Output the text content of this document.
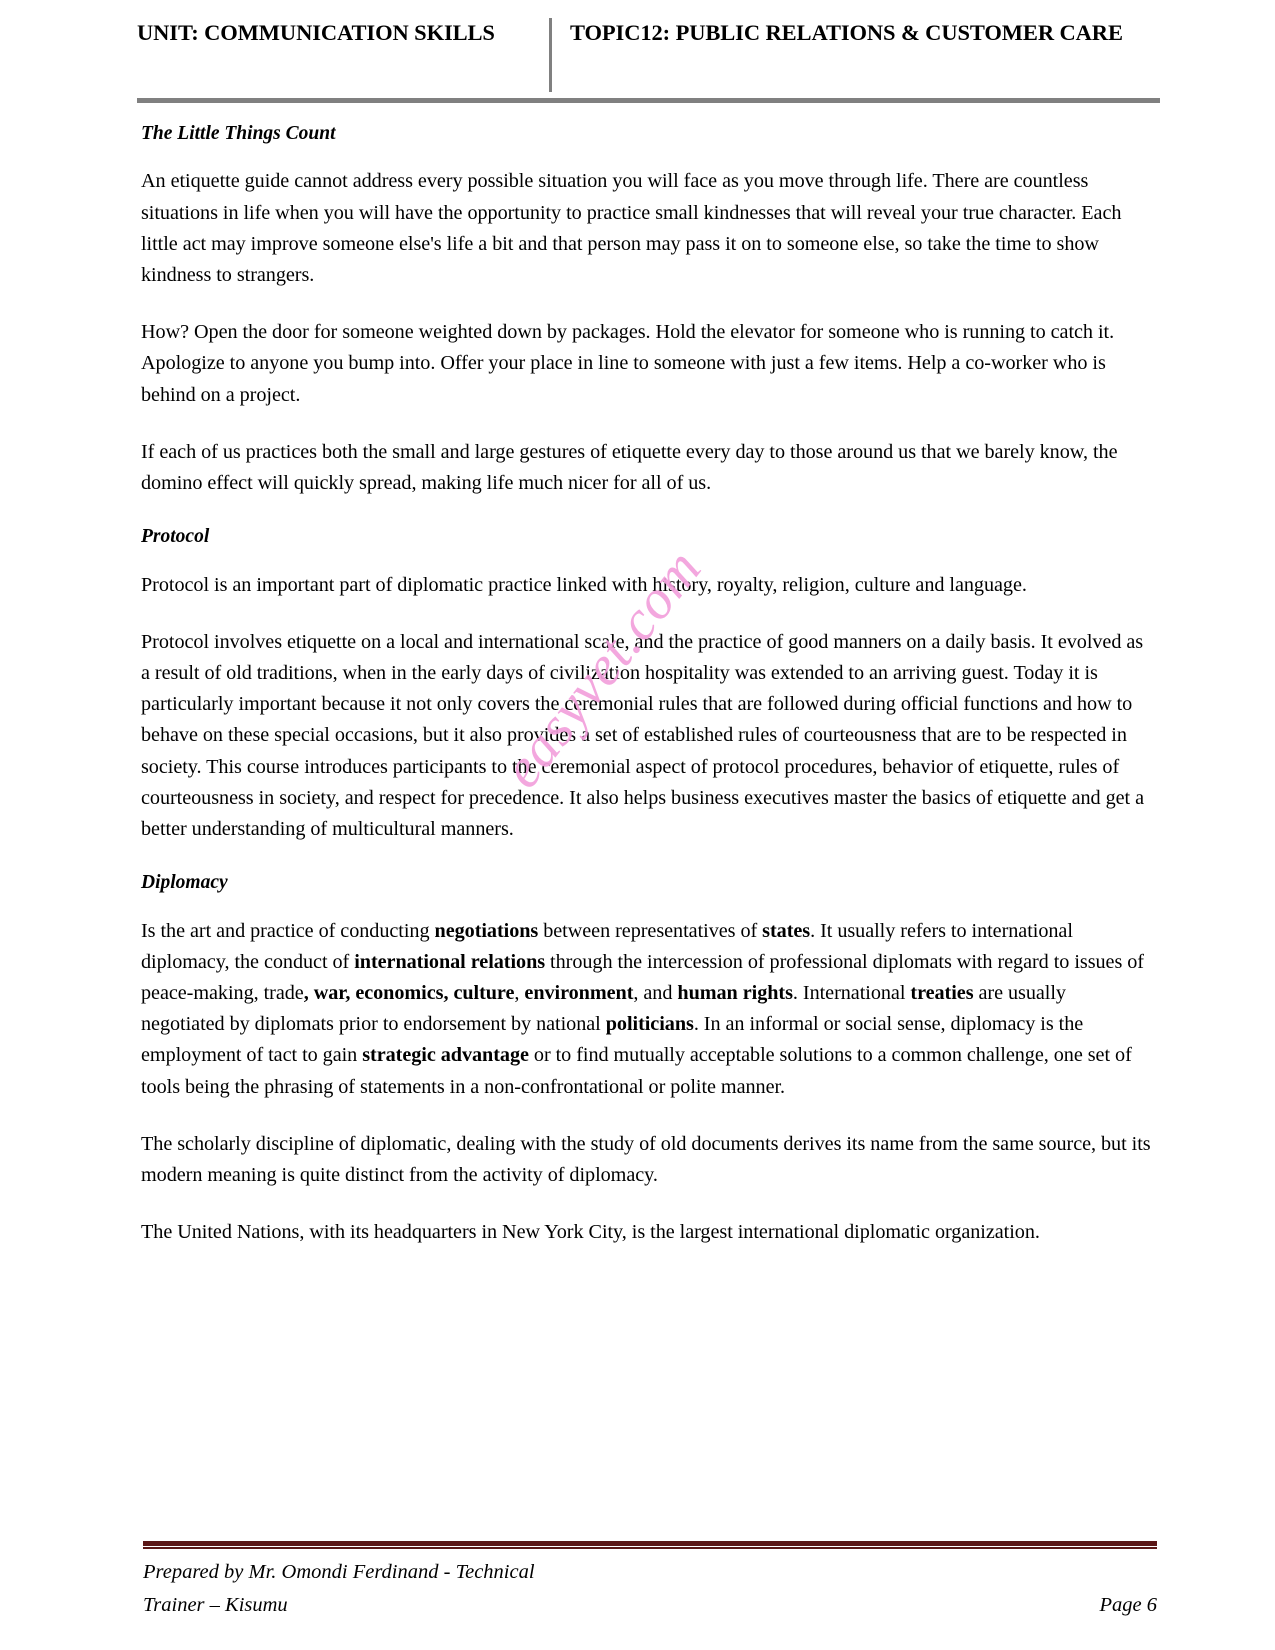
UNIT: COMMUNICATION SKILLS	TOPIC12: PUBLIC RELATIONS & CUSTOMER CARE
The Little Things Count

An etiquette guide cannot address every possible situation you will face as you move through life. There are countless situations in life when you will have the opportunity to practice small kindnesses that will reveal your true character. Each little act may improve someone else's life a bit and that person may pass it on to someone else, so take the time to show kindness to strangers.

How? Open the door for someone weighted down by packages. Hold the elevator for someone who is running to catch it. Apologize to anyone you bump into. Offer your place in line to someone with just a few items. Help a co-worker who is behind on a project.

If each of us practices both the small and large gestures of etiquette every day to those around us that we barely know, the domino effect will quickly spread, making life much nicer for all of us.

Protocol

Protocol is an important part of diplomatic practice linked with history, royalty, religion, culture and language.

Protocol involves etiquette on a local and international scale, and the practice of good manners on a daily basis. It evolved as a result of old traditions, when in the early days of civilization hospitality was extended to an arriving guest. Today it is particularly important because it not only covers the ceremonial rules that are followed during official functions and how to behave on these special occasions, but it also provides a set of established rules of courteousness that are to be respected in society. This course introduces participants to the ceremonial aspect of protocol procedures, behavior of etiquette, rules of courteousness in society, and respect for precedence. It also helps business executives master the basics of etiquette and get a better understanding of multicultural manners.

Diplomacy

Is the art and practice of conducting negotiations between representatives of states. It usually refers to international diplomacy, the conduct of international relations through the intercession of professional diplomats with regard to issues of peace-making, trade, war, economics, culture, environment, and human rights. International treaties are usually negotiated by diplomats prior to endorsement by national politicians. In an informal or social sense, diplomacy is the employment of tact to gain strategic advantage or to find mutually acceptable solutions to a common challenge, one set of tools being the phrasing of statements in a non-confrontational or polite manner.

The scholarly discipline of diplomatic, dealing with the study of old documents derives its name from the same source, but its modern meaning is quite distinct from the activity of diplomacy.

The United Nations, with its headquarters in New York City, is the largest international diplomatic organization.

easyvet.com
Prepared by Mr. Omondi Ferdinand - Technical
Trainer – Kisumu	Page 6
